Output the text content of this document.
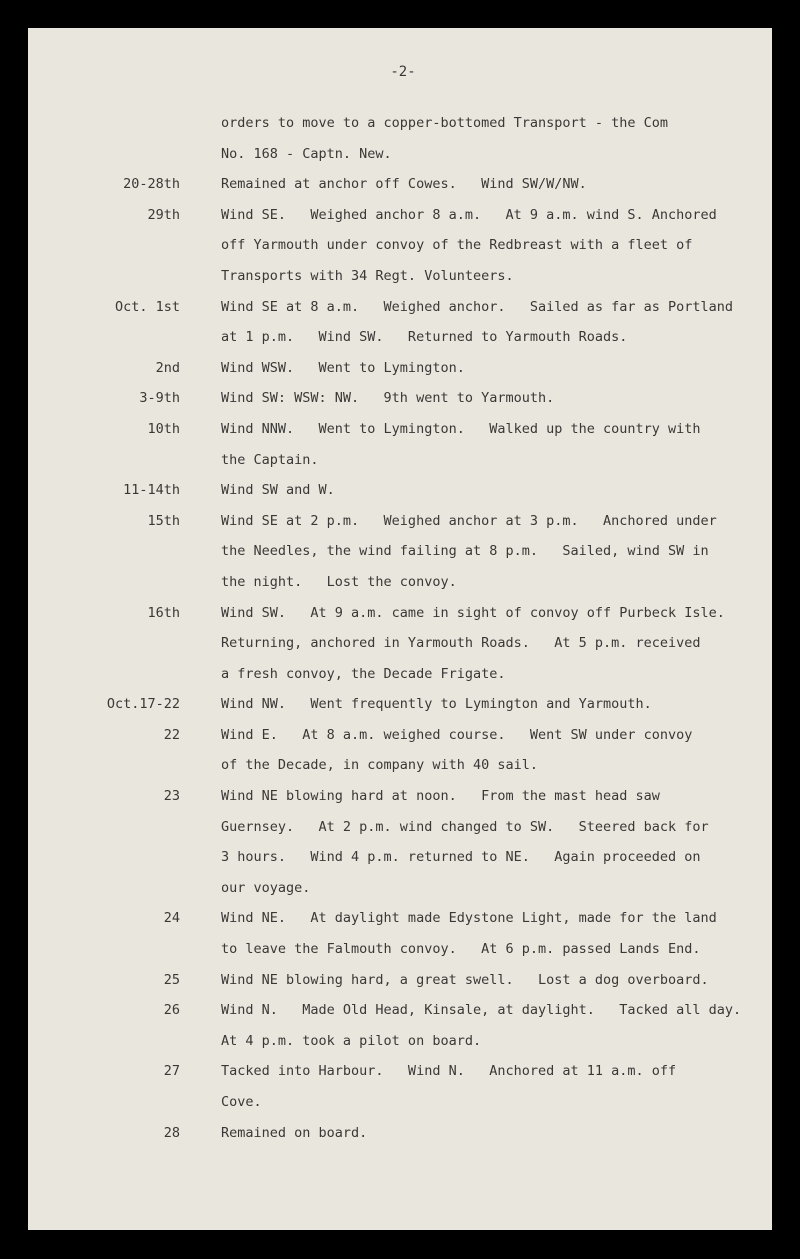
-2-
orders to move to a copper-bottomed Transport - the Com
No. 168 - Captn. New.
20-28th	Remained at anchor off Cowes.   Wind SW/W/NW.
29th	Wind SE.   Weighed anchor 8 a.m.   At 9 a.m. wind S. Anchored
off Yarmouth under convoy of the Redbreast with a fleet of
Transports with 34 Regt. Volunteers.
Oct. 1st	Wind SE at 8 a.m.   Weighed anchor.   Sailed as far as Portland
at 1 p.m.   Wind SW.   Returned to Yarmouth Roads.
2nd	Wind WSW.   Went to Lymington.
3-9th	Wind SW: WSW: NW.   9th went to Yarmouth.
10th	Wind NNW.   Went to Lymington.   Walked up the country with
the Captain.
11-14th	Wind SW and W.
15th	Wind SE at 2 p.m.   Weighed anchor at 3 p.m.   Anchored under
the Needles, the wind failing at 8 p.m.   Sailed, wind SW in
the night.   Lost the convoy.
16th	Wind SW.   At 9 a.m. came in sight of convoy off Purbeck Isle.
Returning, anchored in Yarmouth Roads.   At 5 p.m. received
a fresh convoy, the Decade Frigate.
Oct.17-22	Wind NW.   Went frequently to Lymington and Yarmouth.
22	Wind E.   At 8 a.m. weighed course.   Went SW under convoy
of the Decade, in company with 40 sail.
23	Wind NE blowing hard at noon.   From the mast head saw
Guernsey.   At 2 p.m. wind changed to SW.   Steered back for
3 hours.   Wind 4 p.m. returned to NE.   Again proceeded on
our voyage.
24	Wind NE.   At daylight made Edystone Light, made for the land
to leave the Falmouth convoy.   At 6 p.m. passed Lands End.
25	Wind NE blowing hard, a great swell.   Lost a dog overboard.
26	Wind N.   Made Old Head, Kinsale, at daylight.   Tacked all day.
At 4 p.m. took a pilot on board.
27	Tacked into Harbour.   Wind N.   Anchored at 11 a.m. off
Cove.
28	Remained on board.
